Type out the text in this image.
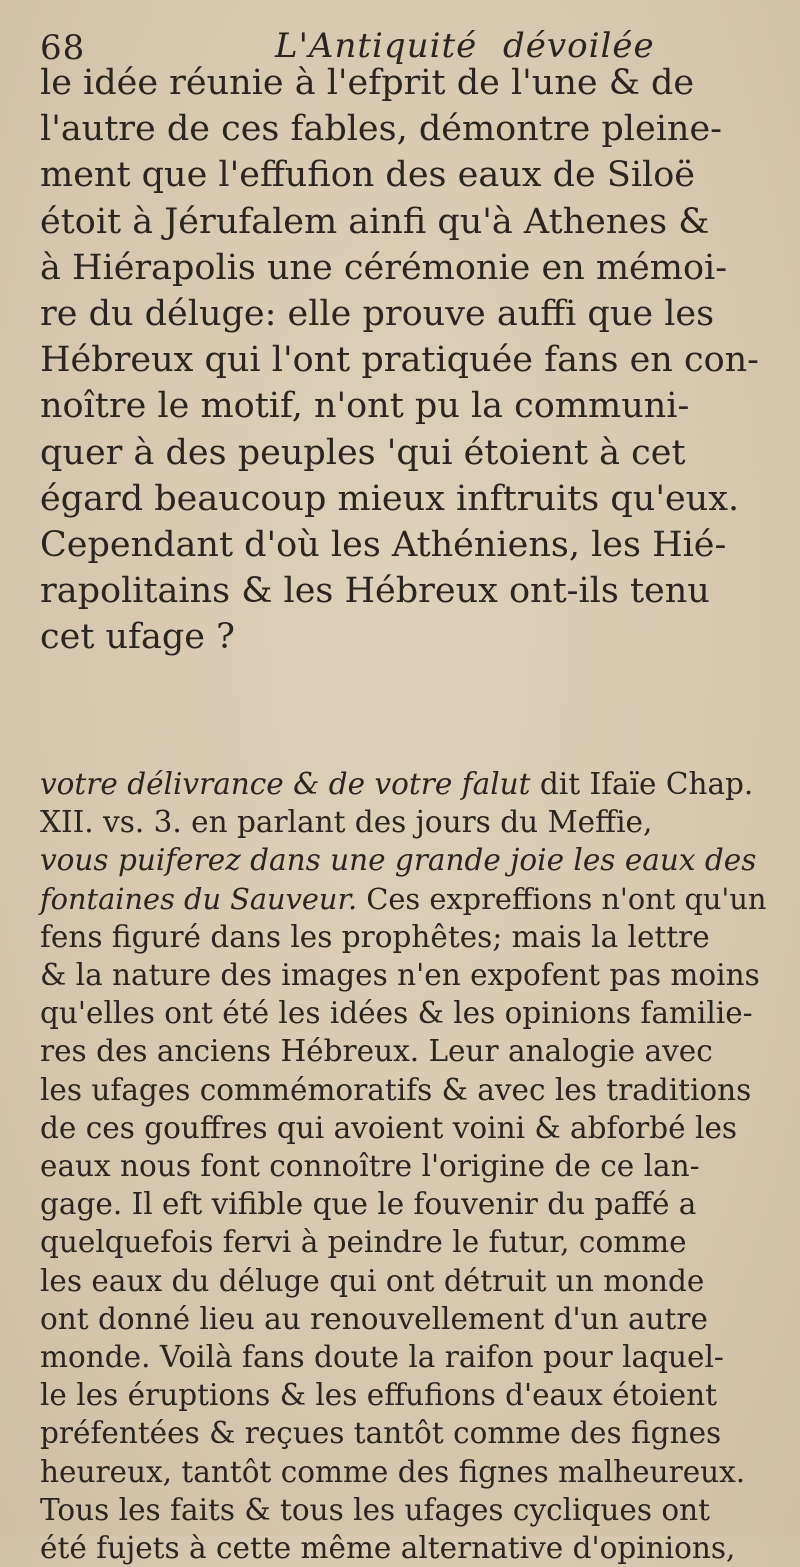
68	L'Antiquité dévoilée
le idée réunie à l'efprit de l'une & de
l'autre de ces fables, démontre pleine-
ment que l'effufion des eaux de Siloë
étoit à Jérufalem ainfi qu'à Athenes &
à Hiérapolis une cérémonie en mémoi-
re du déluge: elle prouve auffi que les
Hébreux qui l'ont pratiquée fans en con-
noître le motif, n'ont pu la communi-
quer à des peuples 'qui étoient à cet
égard beaucoup mieux inftruits qu'eux.
Cependant d'où les Athéniens, les Hié-
rapolitains & les Hébreux ont-ils tenu
cet ufage ?
votre délivrance & de votre falut dit Ifaïe Chap.
XII. vs. 3. en parlant des jours du Meffie,
vous puiferez dans une grande joie les eaux des
fontaines du Sauveur. Ces expreffions n'ont qu'un
fens figuré dans les prophêtes; mais la lettre
& la nature des images n'en expofent pas moins
qu'elles ont été les idées & les opinions familie-
res des anciens Hébreux. Leur analogie avec
les ufages commémoratifs & avec les traditions
de ces gouffres qui avoient voini & abforbé les
eaux nous font connoître l'origine de ce lan-
gage. Il eft vifible que le fouvenir du paffé a
quelquefois fervi à peindre le futur, comme
les eaux du déluge qui ont détruit un monde
ont donné lieu au renouvellement d'un autre
monde. Voilà fans doute la raifon pour laquel-
le les éruptions & les effufions d'eaux étoient
préfentées & reçues tantôt comme des fignes
heureux, tantôt comme des fignes malheureux.
Tous les faits & tous les ufages cycliques ont
été fujets à cette même alternative d'opinions,
